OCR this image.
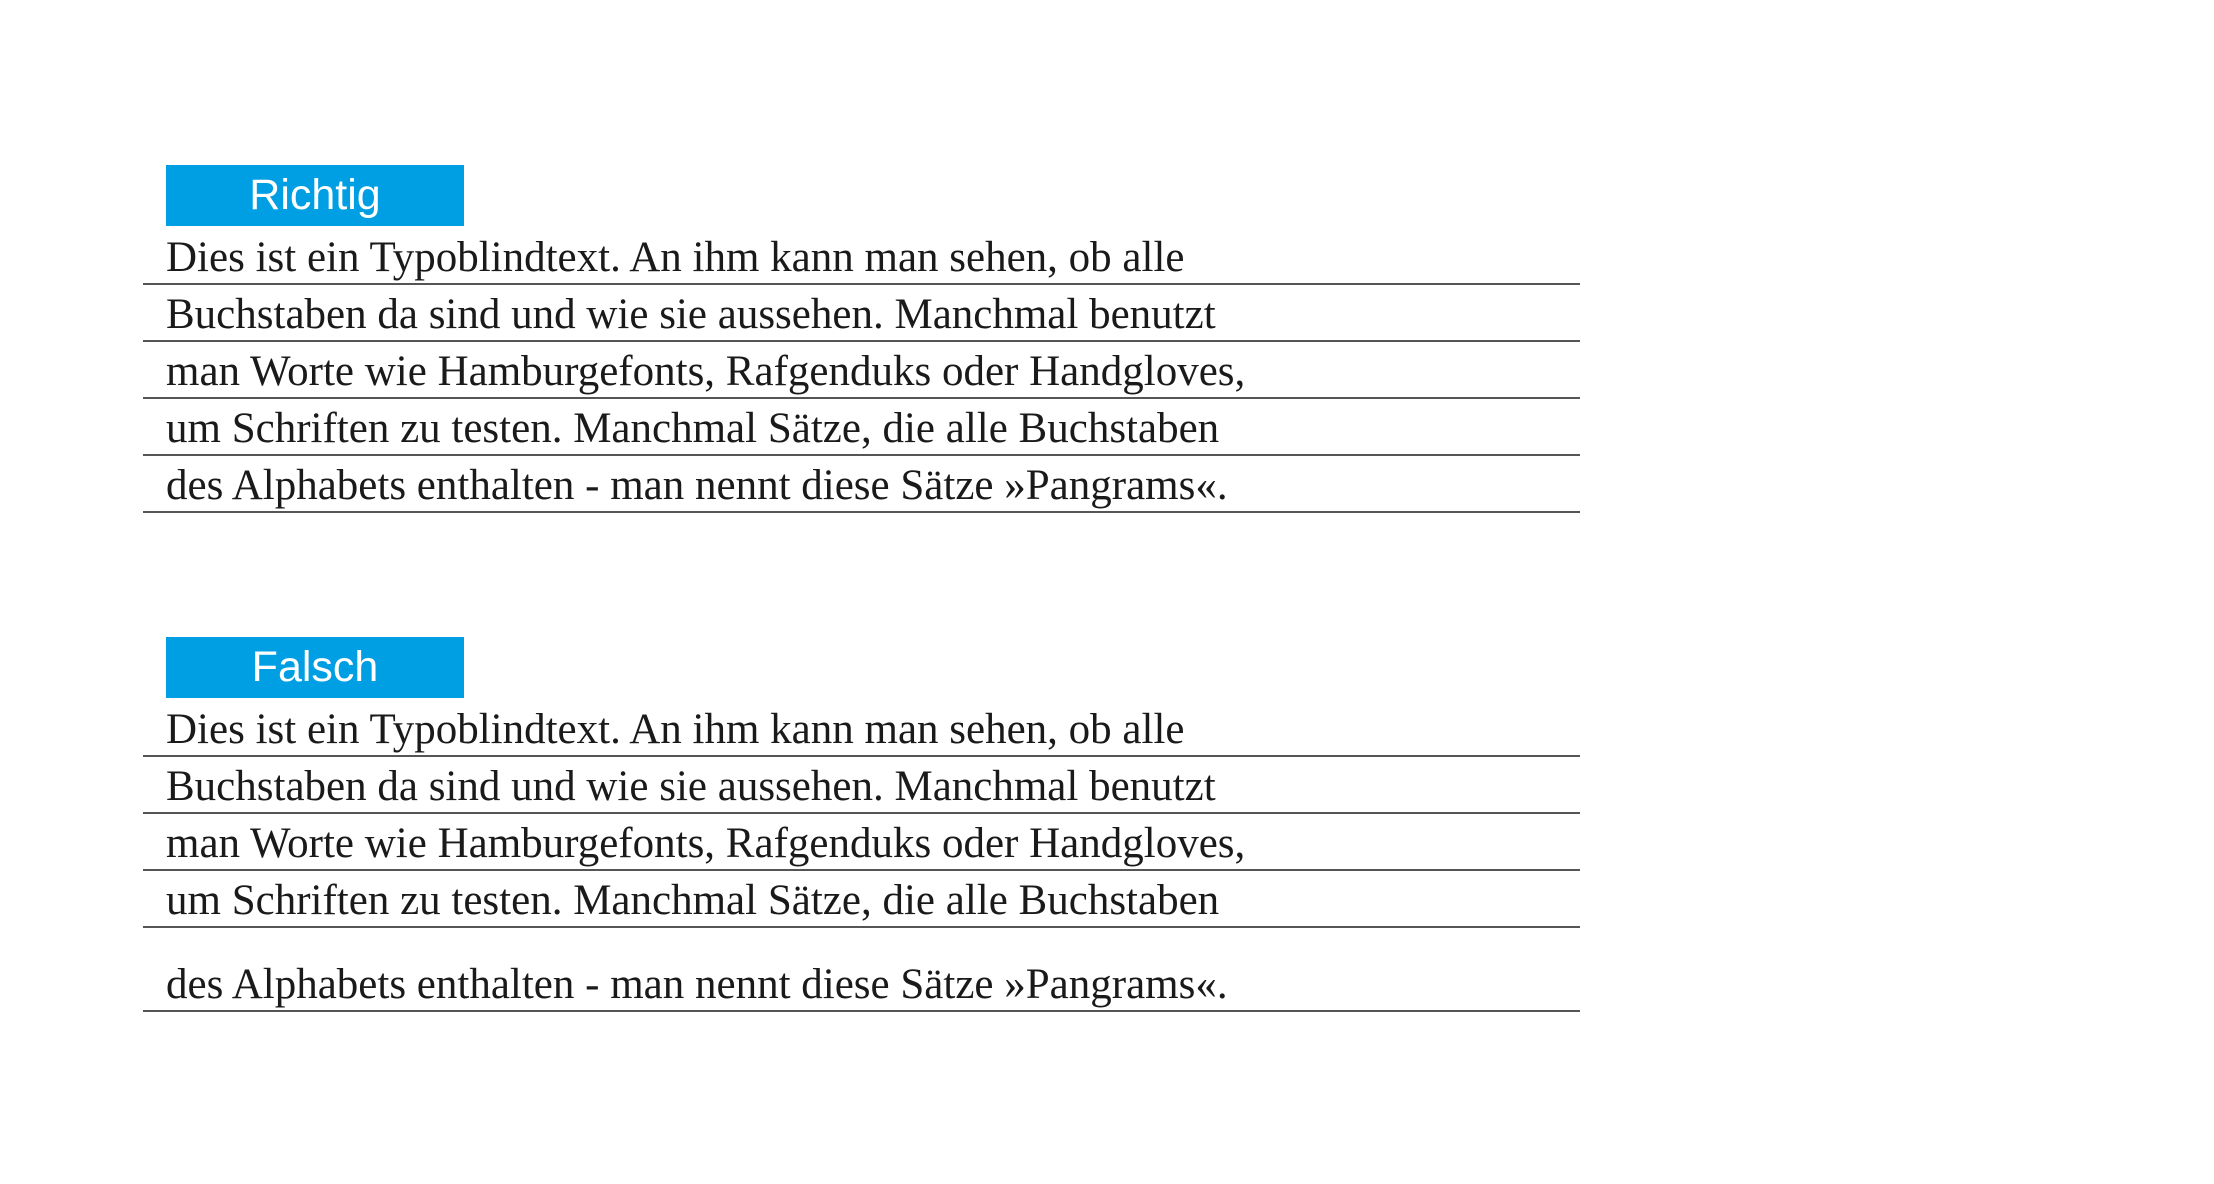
Richtig
Dies ist ein Typoblindtext. An ihm kann man sehen, ob alle
Buchstaben da sind und wie sie aussehen. Manchmal benutzt
man Worte wie Hamburgefonts, Rafgenduks oder Handgloves,
um Schriften zu testen. Manchmal Sätze, die alle Buchstaben
des Alphabets enthalten - man nennt diese Sätze »Pangrams«.
Falsch
Dies ist ein Typoblindtext. An ihm kann man sehen, ob alle
Buchstaben da sind und wie sie aussehen. Manchmal benutzt
man Worte wie Hamburgefonts, Rafgenduks oder Handgloves,
um Schriften zu testen. Manchmal Sätze, die alle Buchstaben
des Alphabets enthalten - man nennt diese Sätze »Pangrams«.
